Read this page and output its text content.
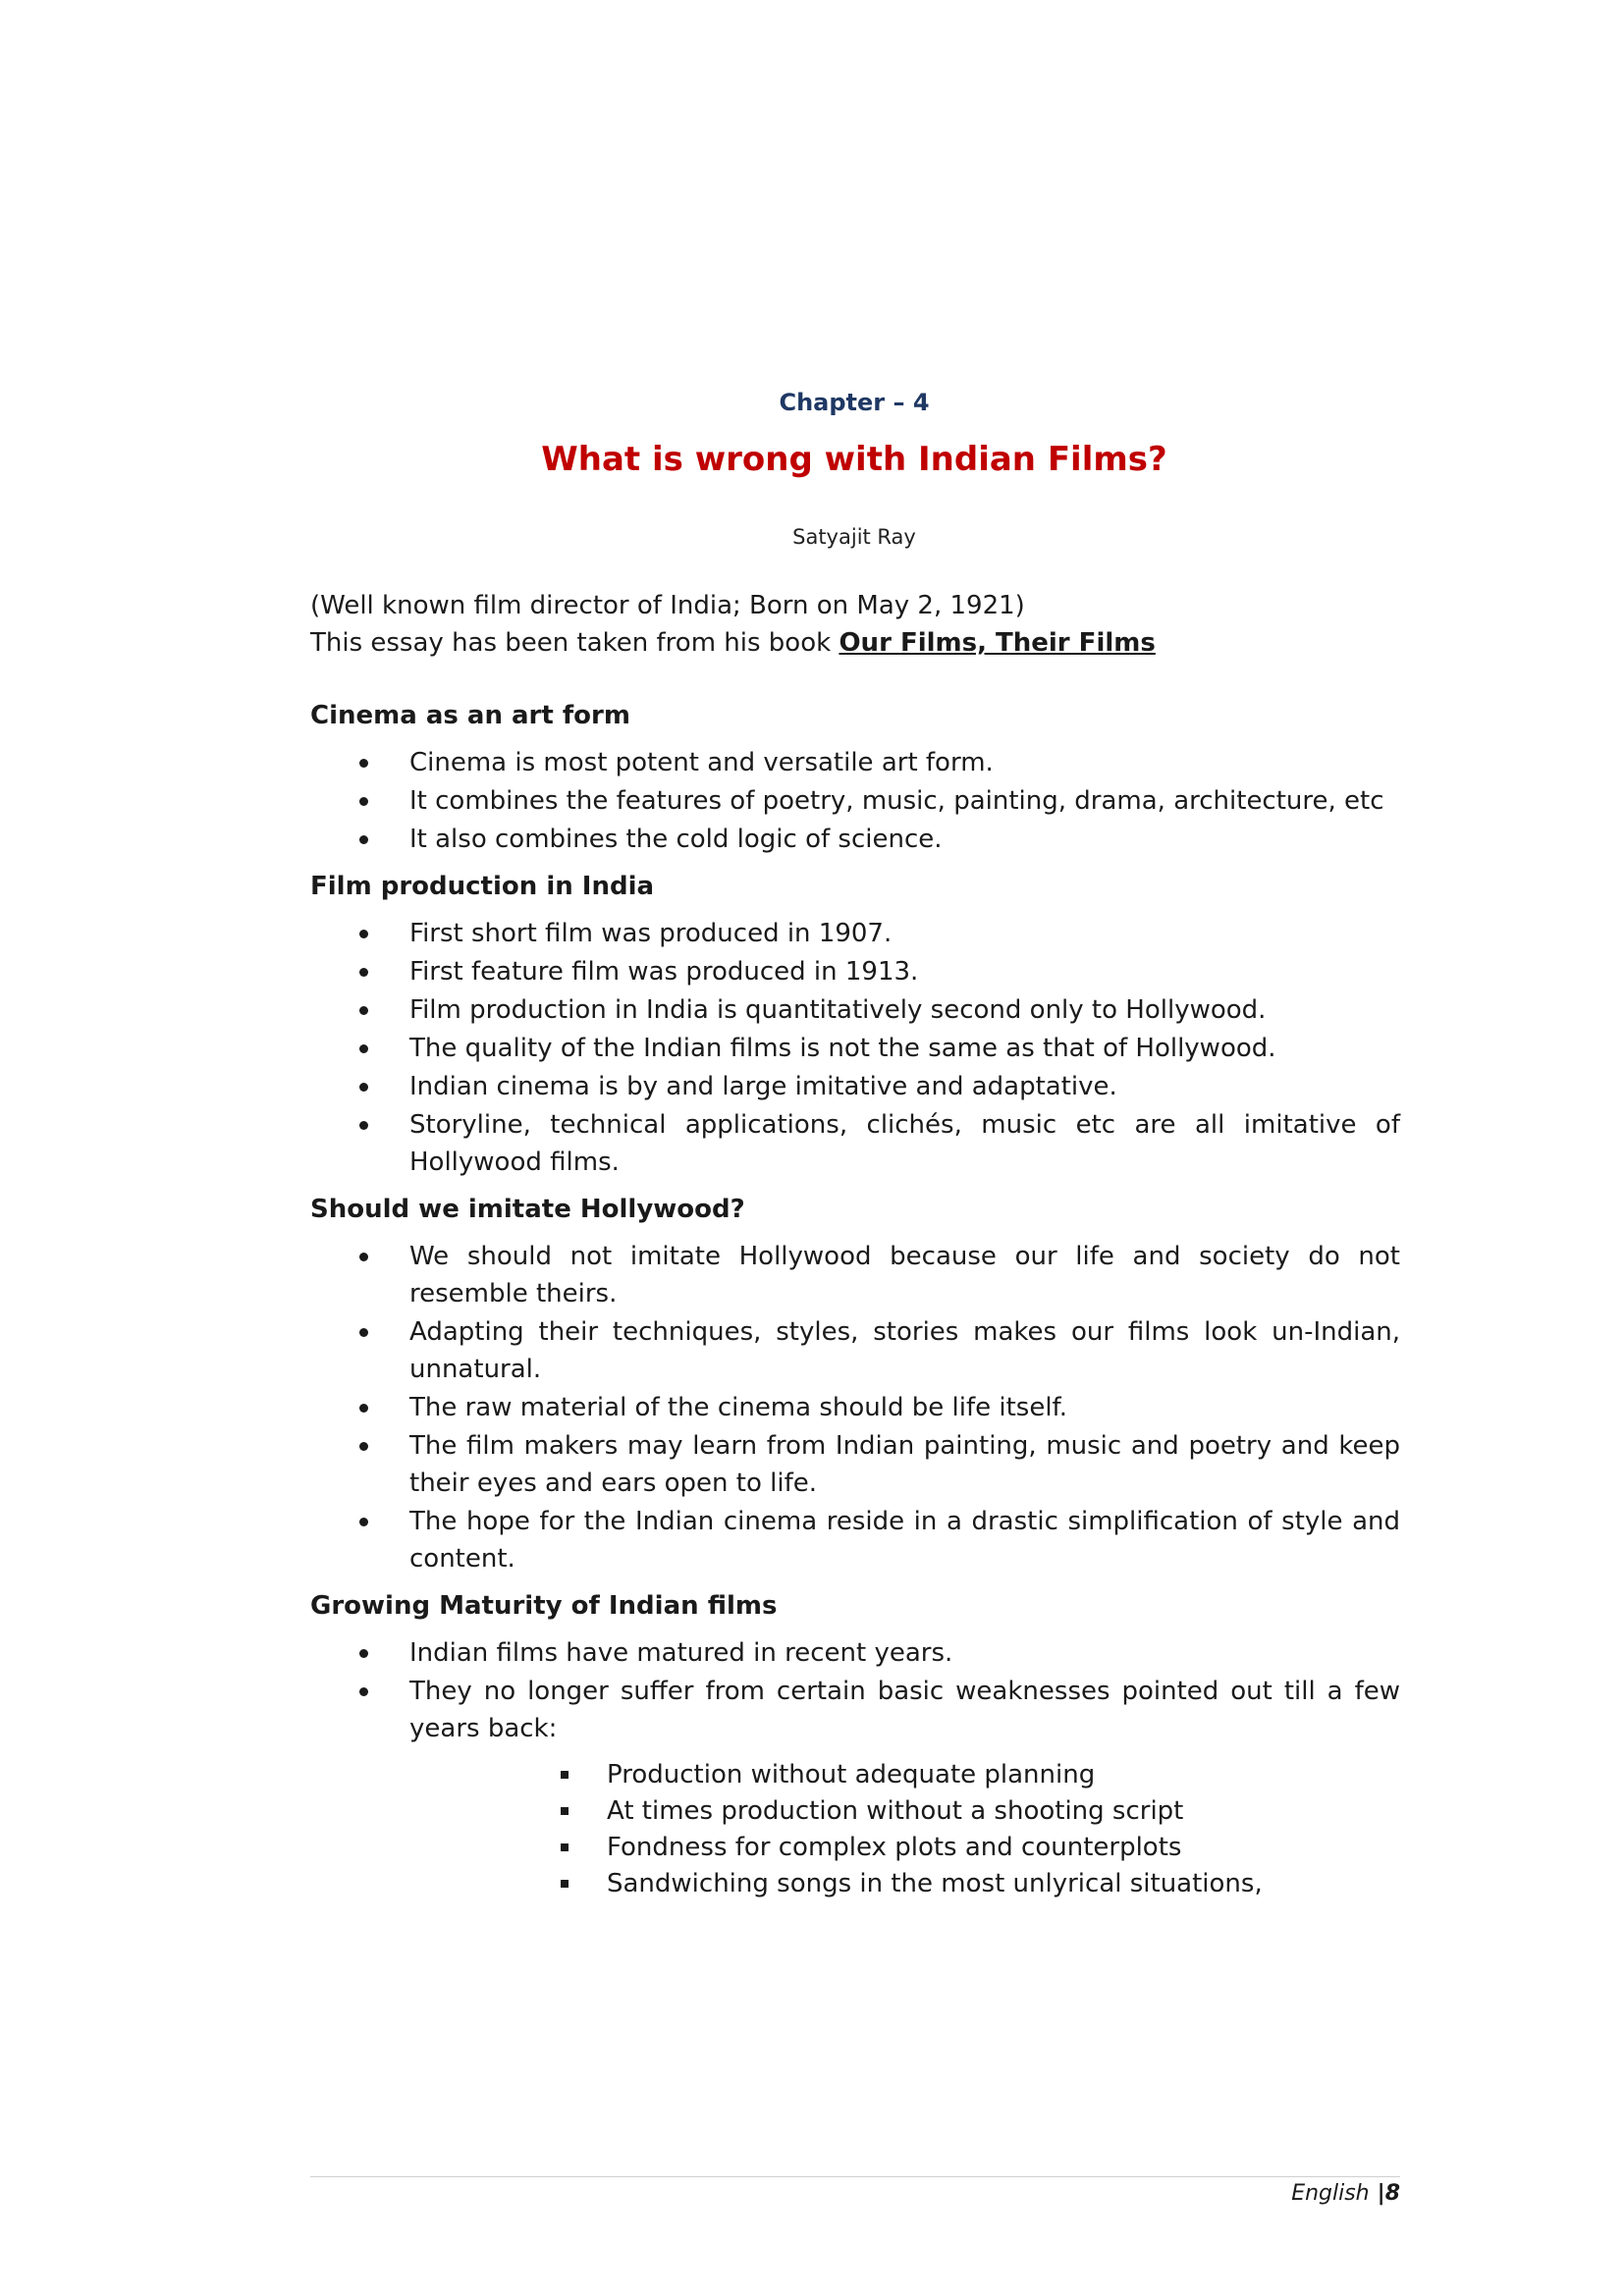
Chapter – 4
What is wrong with Indian Films?
Satyajit Ray

(Well known film director of India; Born on May 2, 1921)
This essay has been taken from his book Our Films, Their Films

Cinema as an art form
Cinema is most potent and versatile art form.
It combines the features of poetry, music, painting, drama, architecture, etc
It also combines the cold logic of science.
Film production in India
First short film was produced in 1907.
First feature film was produced in 1913.
Film production in India is quantitatively second only to Hollywood.
The quality of the Indian films is not the same as that of Hollywood.
Indian cinema is by and large imitative and adaptative.
Storyline, technical applications, clichés, music etc are all imitative of Hollywood films.
Should we imitate Hollywood?
We should not imitate Hollywood because our life and society do not resemble theirs.
Adapting their techniques, styles, stories makes our films look un-Indian, unnatural.
The raw material of the cinema should be life itself.
The film makers may learn from Indian painting, music and poetry and keep their eyes and ears open to life.
The hope for the Indian cinema reside in a drastic simplification of style and content.
Growing Maturity of Indian films
Indian films have matured in recent years.
They no longer suffer from certain basic weaknesses pointed out till a few years back:
Production without adequate planning
At times production without a shooting script
Fondness for complex plots and counterplots
Sandwiching songs in the most unlyrical situations,
English |8
